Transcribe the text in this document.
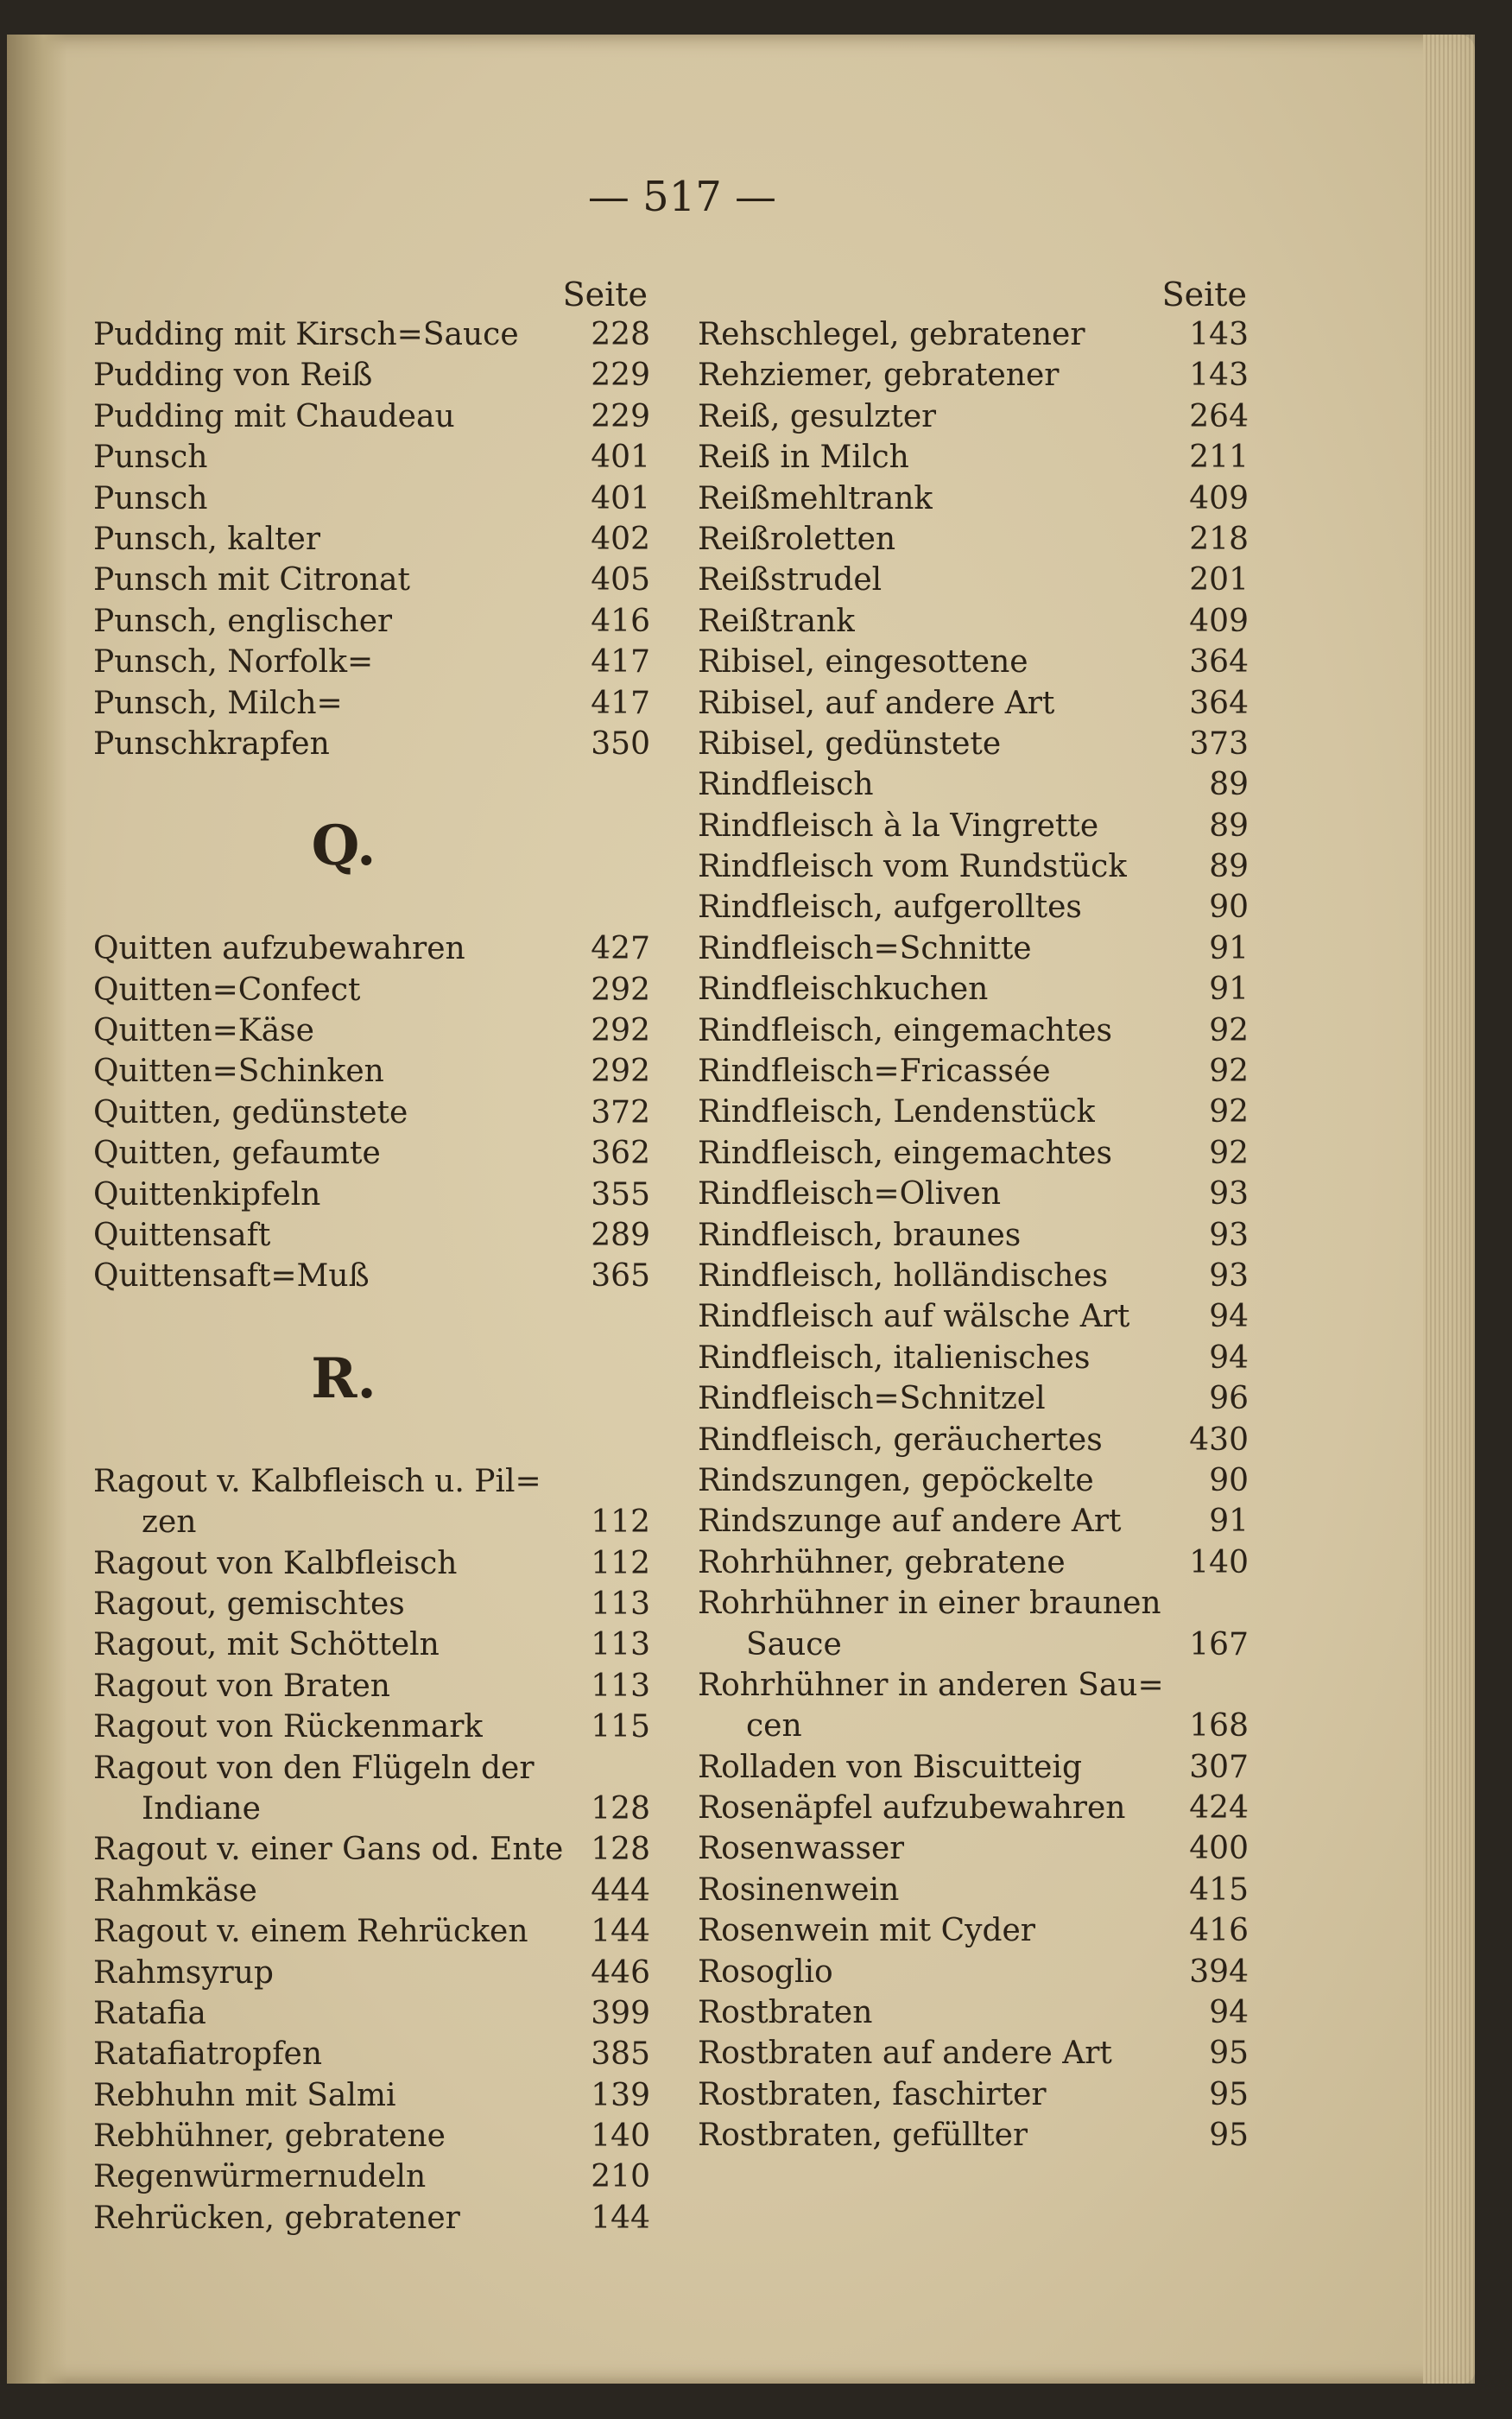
— 517 —
Seite
Pudding mit Kirsch=Sauce	228
Pudding von Reiß	229
Pudding mit Chaudeau	229
Punsch	401
Punsch	401
Punsch, kalter	402
Punsch mit Citronat	405
Punsch, englischer	416
Punsch, Norfolk=	417
Punsch, Milch=	417
Punschkrapfen	350
Q.
Quitten aufzubewahren	427
Quitten=Confect	292
Quitten=Käse	292
Quitten=Schinken	292
Quitten, gedünstete	372
Quitten, gefaumte	362
Quittenkipfeln	355
Quittensaft	289
Quittensaft=Muß	365
R.
Ragout v. Kalbfleisch u. Pil=
zen	112
Ragout von Kalbfleisch	112
Ragout, gemischtes	113
Ragout, mit Schötteln	113
Ragout von Braten	113
Ragout von Rückenmark	115
Ragout von den Flügeln der
Indiane	128
Ragout v. einer Gans od. Ente 128
Rahmkäse	444
Ragout v. einem Rehrücken	144
Rahmsyrup	446
Ratafia	399
Ratafiatropfen	385
Rebhuhn mit Salmi	139
Rebhühner, gebratene	140
Regenwürmernudeln	210
Rehrücken, gebratener	144
Seite
Rehschlegel, gebratener	143
Rehziemer, gebratener	143
Reiß, gesulzter	264
Reiß in Milch	211
Reißmehltrank	409
Reißroletten	218
Reißstrudel	201
Reißtrank	409
Ribisel, eingesottene	364
Ribisel, auf andere Art	364
Ribisel, gedünstete	373
Rindfleisch	89
Rindfleisch à la Vingrette	89
Rindfleisch vom Rundstück	89
Rindfleisch, aufgerolltes	90
Rindfleisch=Schnitte	91
Rindfleischkuchen	91
Rindfleisch, eingemachtes	92
Rindfleisch=Fricassée	92
Rindfleisch, Lendenstück	92
Rindfleisch, eingemachtes	92
Rindfleisch=Oliven	93
Rindfleisch, braunes	93
Rindfleisch, holländisches	93
Rindfleisch auf wälsche Art	94
Rindfleisch, italienisches	94
Rindfleisch=Schnitzel	96
Rindfleisch, geräuchertes	430
Rindszungen, gepöckelte	90
Rindszunge auf andere Art	91
Rohrhühner, gebratene	140
Rohrhühner in einer braunen
Sauce	167
Rohrhühner in anderen Sau=
cen	168
Rolladen von Biscuitteig	307
Rosenäpfel aufzubewahren	424
Rosenwasser	400
Rosinenwein	415
Rosenwein mit Cyder	416
Rosoglio	394
Rostbraten	94
Rostbraten auf andere Art	95
Rostbraten, faschirter	95
Rostbraten, gefüllter	95
